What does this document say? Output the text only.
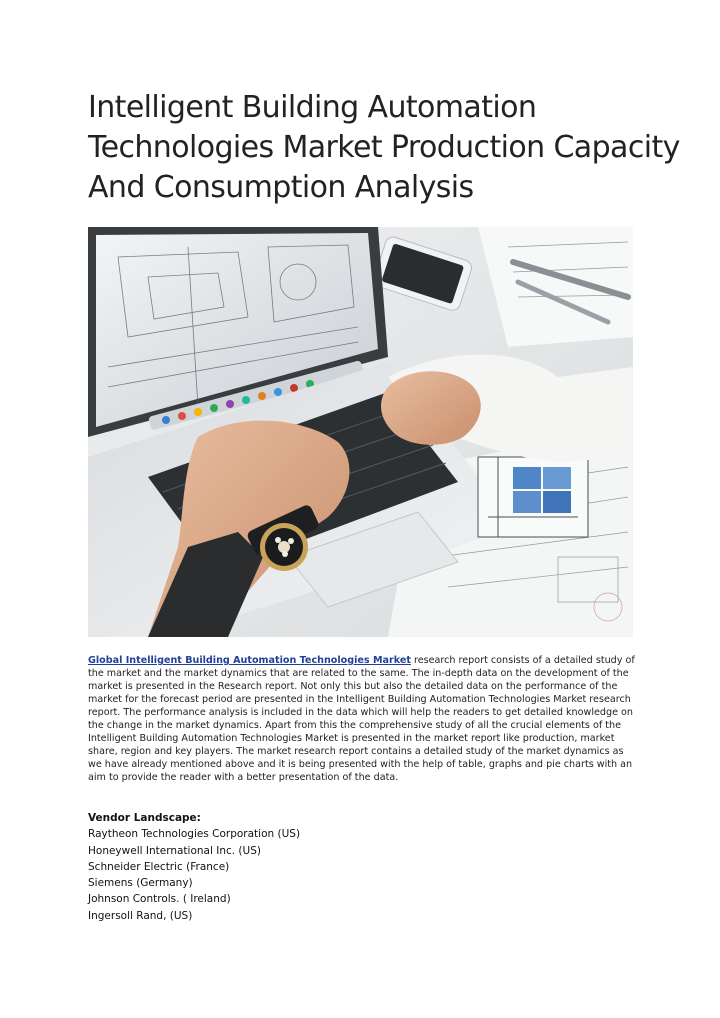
Intelligent Building Automation
Technologies Market Production Capacity
And Consumption Analysis

Global Intelligent Building Automation Technologies Market research report consists of a detailed study of the market and the market dynamics that are related to the same. The in-depth data on the development of the market is presented in the Research report. Not only this but also the detailed data on the performance of the market for the forecast period are presented in the Intelligent Building Automation Technologies Market research report. The performance analysis is included in the data which will help the readers to get detailed knowledge on the change in the market dynamics. Apart from this the comprehensive study of all the crucial elements of the Intelligent Building Automation Technologies Market is presented in the market report like production, market share, region and key players. The market research report contains a detailed study of the market dynamics as we have already mentioned above and it is being presented with the help of table, graphs and pie charts with an aim to provide the reader with a better presentation of the data.

Vendor Landscape:
Raytheon Technologies Corporation (US)
Honeywell International Inc. (US)
Schneider Electric (France)
Siemens (Germany)
Johnson Controls. ( Ireland)
Ingersoll Rand, (US)
